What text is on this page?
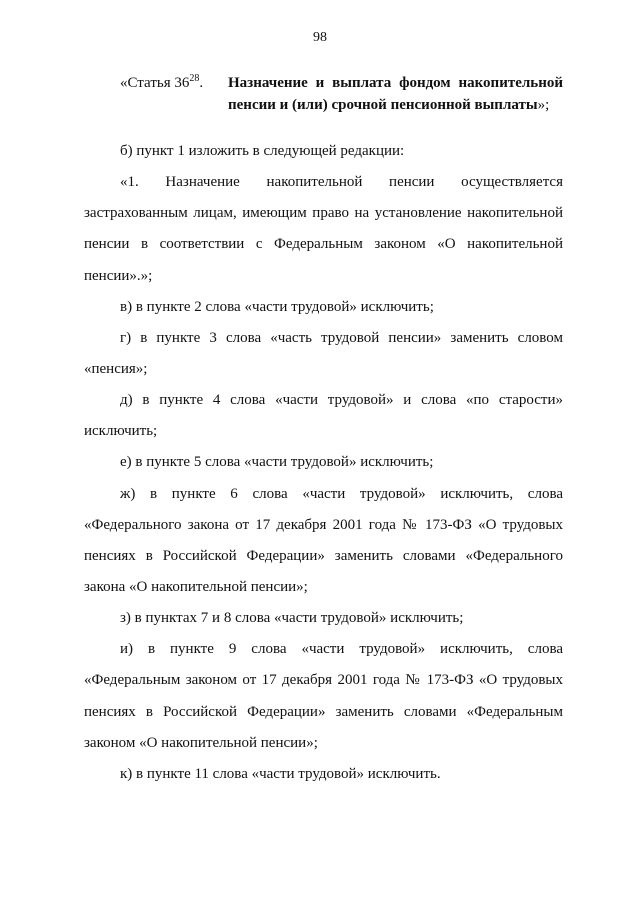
98
«Статья $36^{28}$. Назначение и выплата фондом накопительной
пенсии и (или) срочной пенсионной выплаты»;
б) пункт 1 изложить в следующей редакции:
«1. Назначение накопительной пенсии осуществляется
застрахованным лицам, имеющим право на установление накопительной
пенсии в соответствии с Федеральным законом «О накопительной
пенсии».»;
в) в пункте 2 слова «части трудовой» исключить;
г) в пункте 3 слова «часть трудовой пенсии» заменить словом
«пенсия»;
д) в пункте 4 слова «части трудовой» и слова «по старости»
исключить;
е) в пункте 5 слова «части трудовой» исключить;
ж) в пункте 6 слова «части трудовой» исключить, слова
«Федерального закона от 17 декабря 2001 года № 173-ФЗ «О трудовых
пенсиях в Российской Федерации» заменить словами «Федерального
закона «О накопительной пенсии»;
з) в пунктах 7 и 8 слова «части трудовой» исключить;
и) в пункте 9 слова «части трудовой» исключить, слова
«Федеральным законом от 17 декабря 2001 года № 173-ФЗ «О трудовых
пенсиях в Российской Федерации» заменить словами «Федеральным
законом «О накопительной пенсии»;
к) в пункте 11 слова «части трудовой» исключить.
